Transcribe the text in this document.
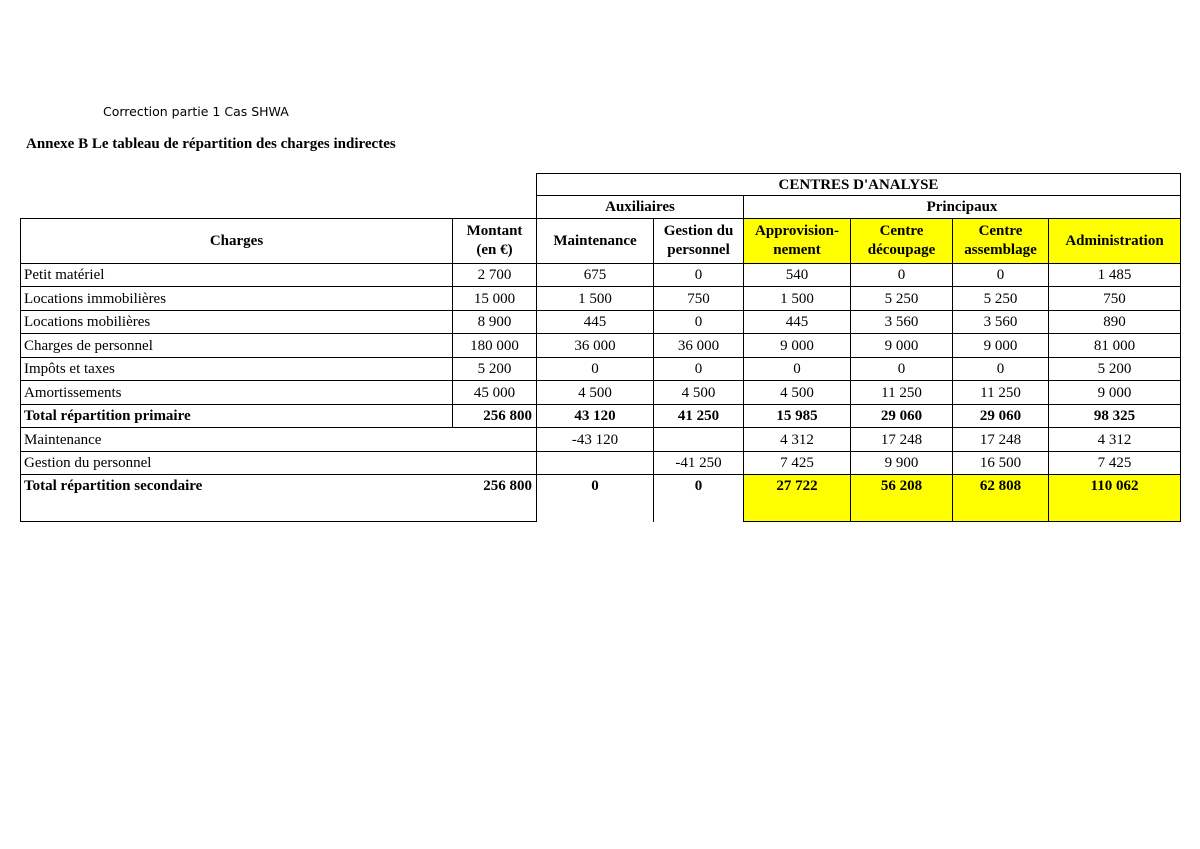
Correction partie 1 Cas SHWA
Annexe B Le tableau de répartition des charges indirectes
		CENTRES D'ANALYSE					
		Auxiliaires		Principaux			
Charges	Montant (en €)	Maintenance	Gestion du personnel	Approvision-nement	Centre découpage	Centre assemblage	Administration
Petit matériel	2 700	675	0	540	0	0	1 485
Locations immobilières	15 000	1 500	750	1 500	5 250	5 250	750
Locations mobilières	8 900	445	0	445	3 560	3 560	890
Charges de personnel	180 000	36 000	36 000	9 000	9 000	9 000	81 000
Impôts et taxes	5 200	0	0	0	0	0	5 200
Amortissements	45 000	4 500	4 500	4 500	11 250	11 250	9 000
Total répartition primaire	256 800	43 120	41 250	15 985	29 060	29 060	98 325
Maintenance		-43 120		4 312	17 248	17 248	4 312
Gestion du personnel			-41 250	7 425	9 900	16 500	7 425
Total répartition secondaire	256 800	0	0	27 722	56 208	62 808	110 062
